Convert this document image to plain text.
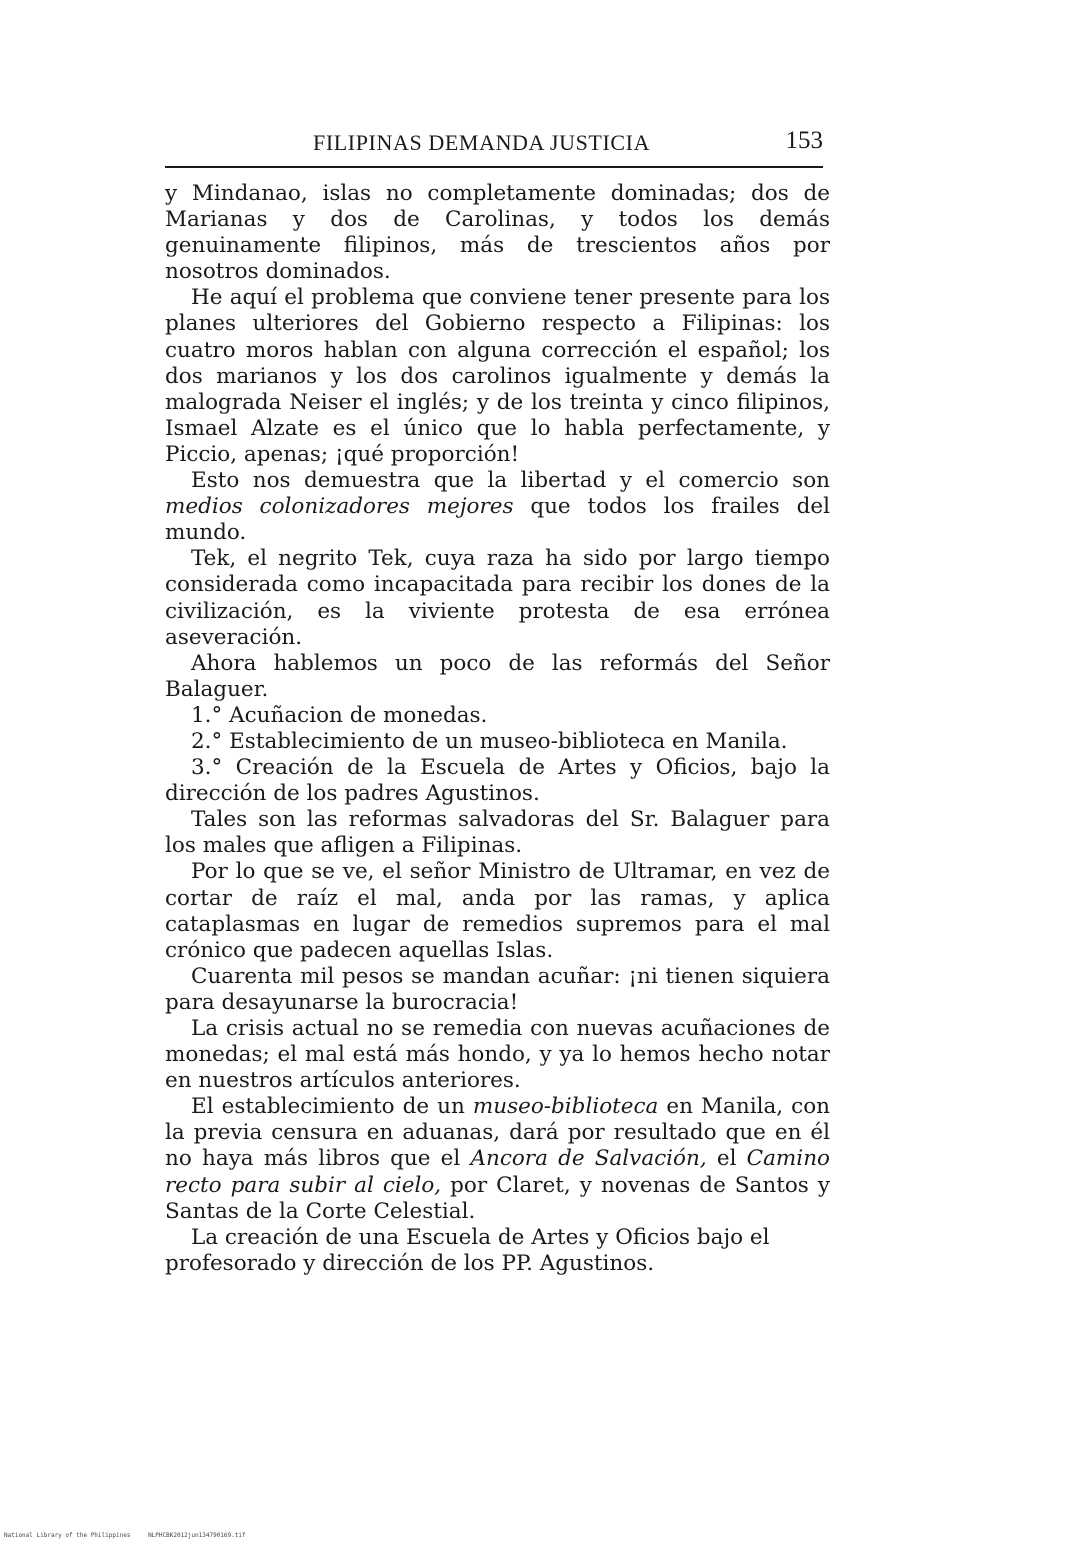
FILIPINAS DEMANDA JUSTICIA	153

y Mindanao, islas no completamente dominadas; dos de Marianas y dos de Carolinas, y todos los demás genuinamente filipinos, más de trescientos años por nosotros dominados.

He aquí el problema que conviene tener presente para los planes ulteriores del Gobierno respecto a Filipinas: los cuatro moros hablan con alguna corrección el español; los dos marianos y los dos carolinos igualmente y demás la malograda Neiser el inglés; y de los treinta y cinco filipinos, Ismael Alzate es el único que lo habla perfectamente, y Piccio, apenas; ¡qué proporción!

Esto nos demuestra que la libertad y el comercio son medios colonizadores mejores que todos los frailes del mundo.

Tek, el negrito Tek, cuya raza ha sido por largo tiempo considerada como incapacitada para recibir los dones de la civilización, es la viviente protesta de esa errónea aseveración.

Ahora hablemos un poco de las reformás del Señor Balaguer.

1.° Acuñacion de monedas.

2.° Establecimiento de un museo-biblioteca en Manila.

3.° Creación de la Escuela de Artes y Oficios, bajo la dirección de los padres Agustinos.

Tales son las reformas salvadoras del Sr. Balaguer para los males que afligen a Filipinas.

Por lo que se ve, el señor Ministro de Ultramar, en vez de cortar de raíz el mal, anda por las ramas, y aplica cataplasmas en lugar de remedios supremos para el mal crónico que padecen aquellas Islas.

Cuarenta mil pesos se mandan acuñar: ¡ni tienen siquiera para desayunarse la burocracia!

La crisis actual no se remedia con nuevas acuñaciones de monedas; el mal está más hondo, y ya lo hemos hecho notar en nuestros artículos anteriores.

El establecimiento de un museo-biblioteca en Manila, con la previa censura en aduanas, dará por resultado que en él no haya más libros que el Ancora de Salvación, el Camino recto para subir al cielo, por Claret, y novenas de Santos y Santas de la Corte Celestial.

La creación de una Escuela de Artes y Oficios bajo el profesorado y dirección de los PP. Agustinos.

National Library of the Philippines	NLPHCBK2012jun134790169.tif
